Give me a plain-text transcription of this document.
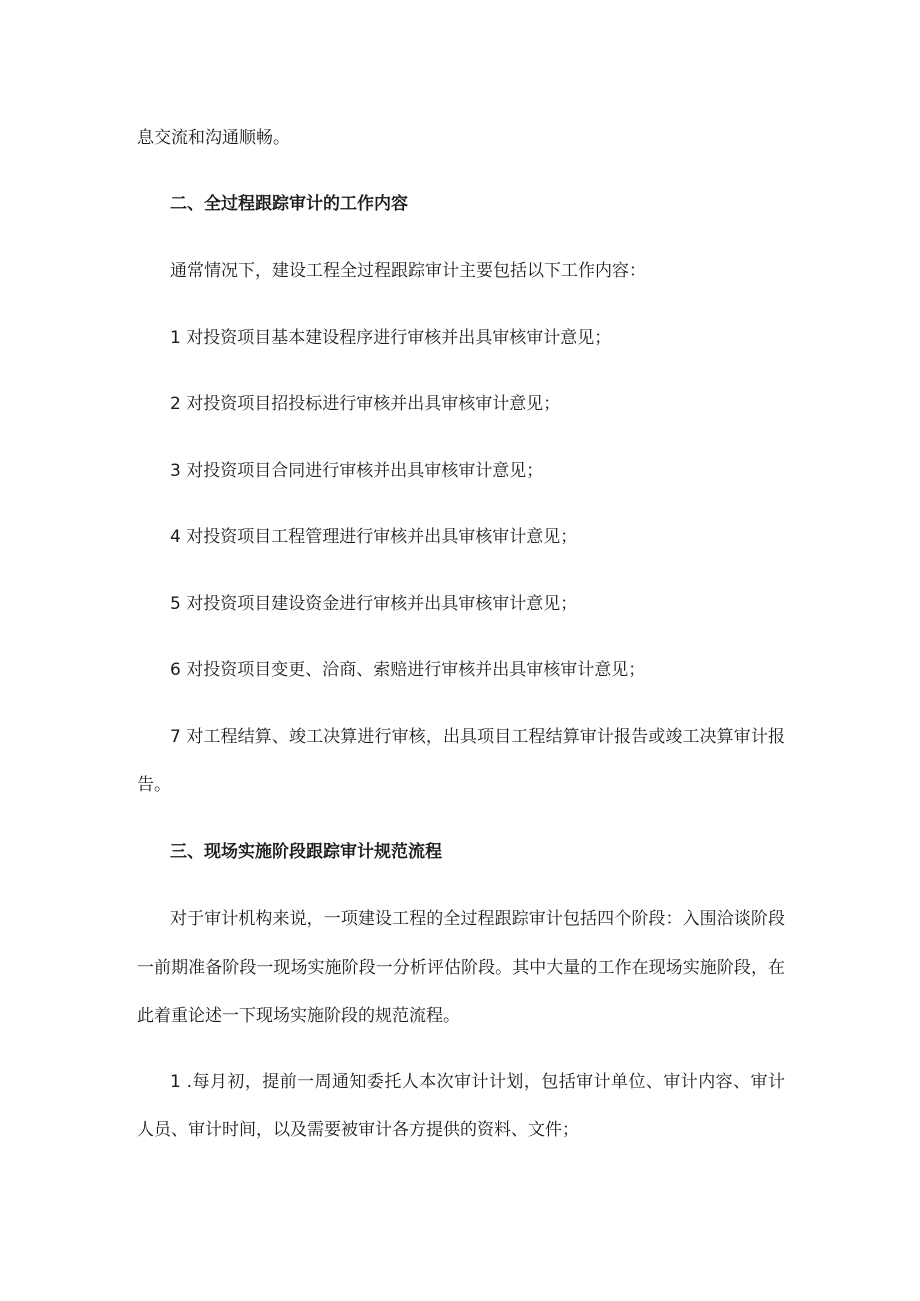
息交流和沟通顺畅。
二、全过程跟踪审计的工作内容
通常情况下，建设工程全过程跟踪审计主要包括以下工作内容：
1 对投资项目基本建设程序进行审核并出具审核审计意见；
2 对投资项目招投标进行审核并出具审核审计意见；
3 对投资项目合同进行审核并出具审核审计意见；
4 对投资项目工程管理进行审核并出具审核审计意见；
5 对投资项目建设资金进行审核并出具审核审计意见；
6 对投资项目变更、洽商、索赔进行审核并出具审核审计意见；
7 对工程结算、竣工决算进行审核，出具项目工程结算审计报告或竣工决算审计报
告。
三、现场实施阶段跟踪审计规范流程
对于审计机构来说，一项建设工程的全过程跟踪审计包括四个阶段：入围洽谈阶段
一前期准备阶段一现场实施阶段一分析评估阶段。其中大量的工作在现场实施阶段，在
此着重论述一下现场实施阶段的规范流程。
1 .每月初，提前一周通知委托人本次审计计划，包括审计单位、审计内容、审计
人员、审计时间，以及需要被审计各方提供的资料、文件；
